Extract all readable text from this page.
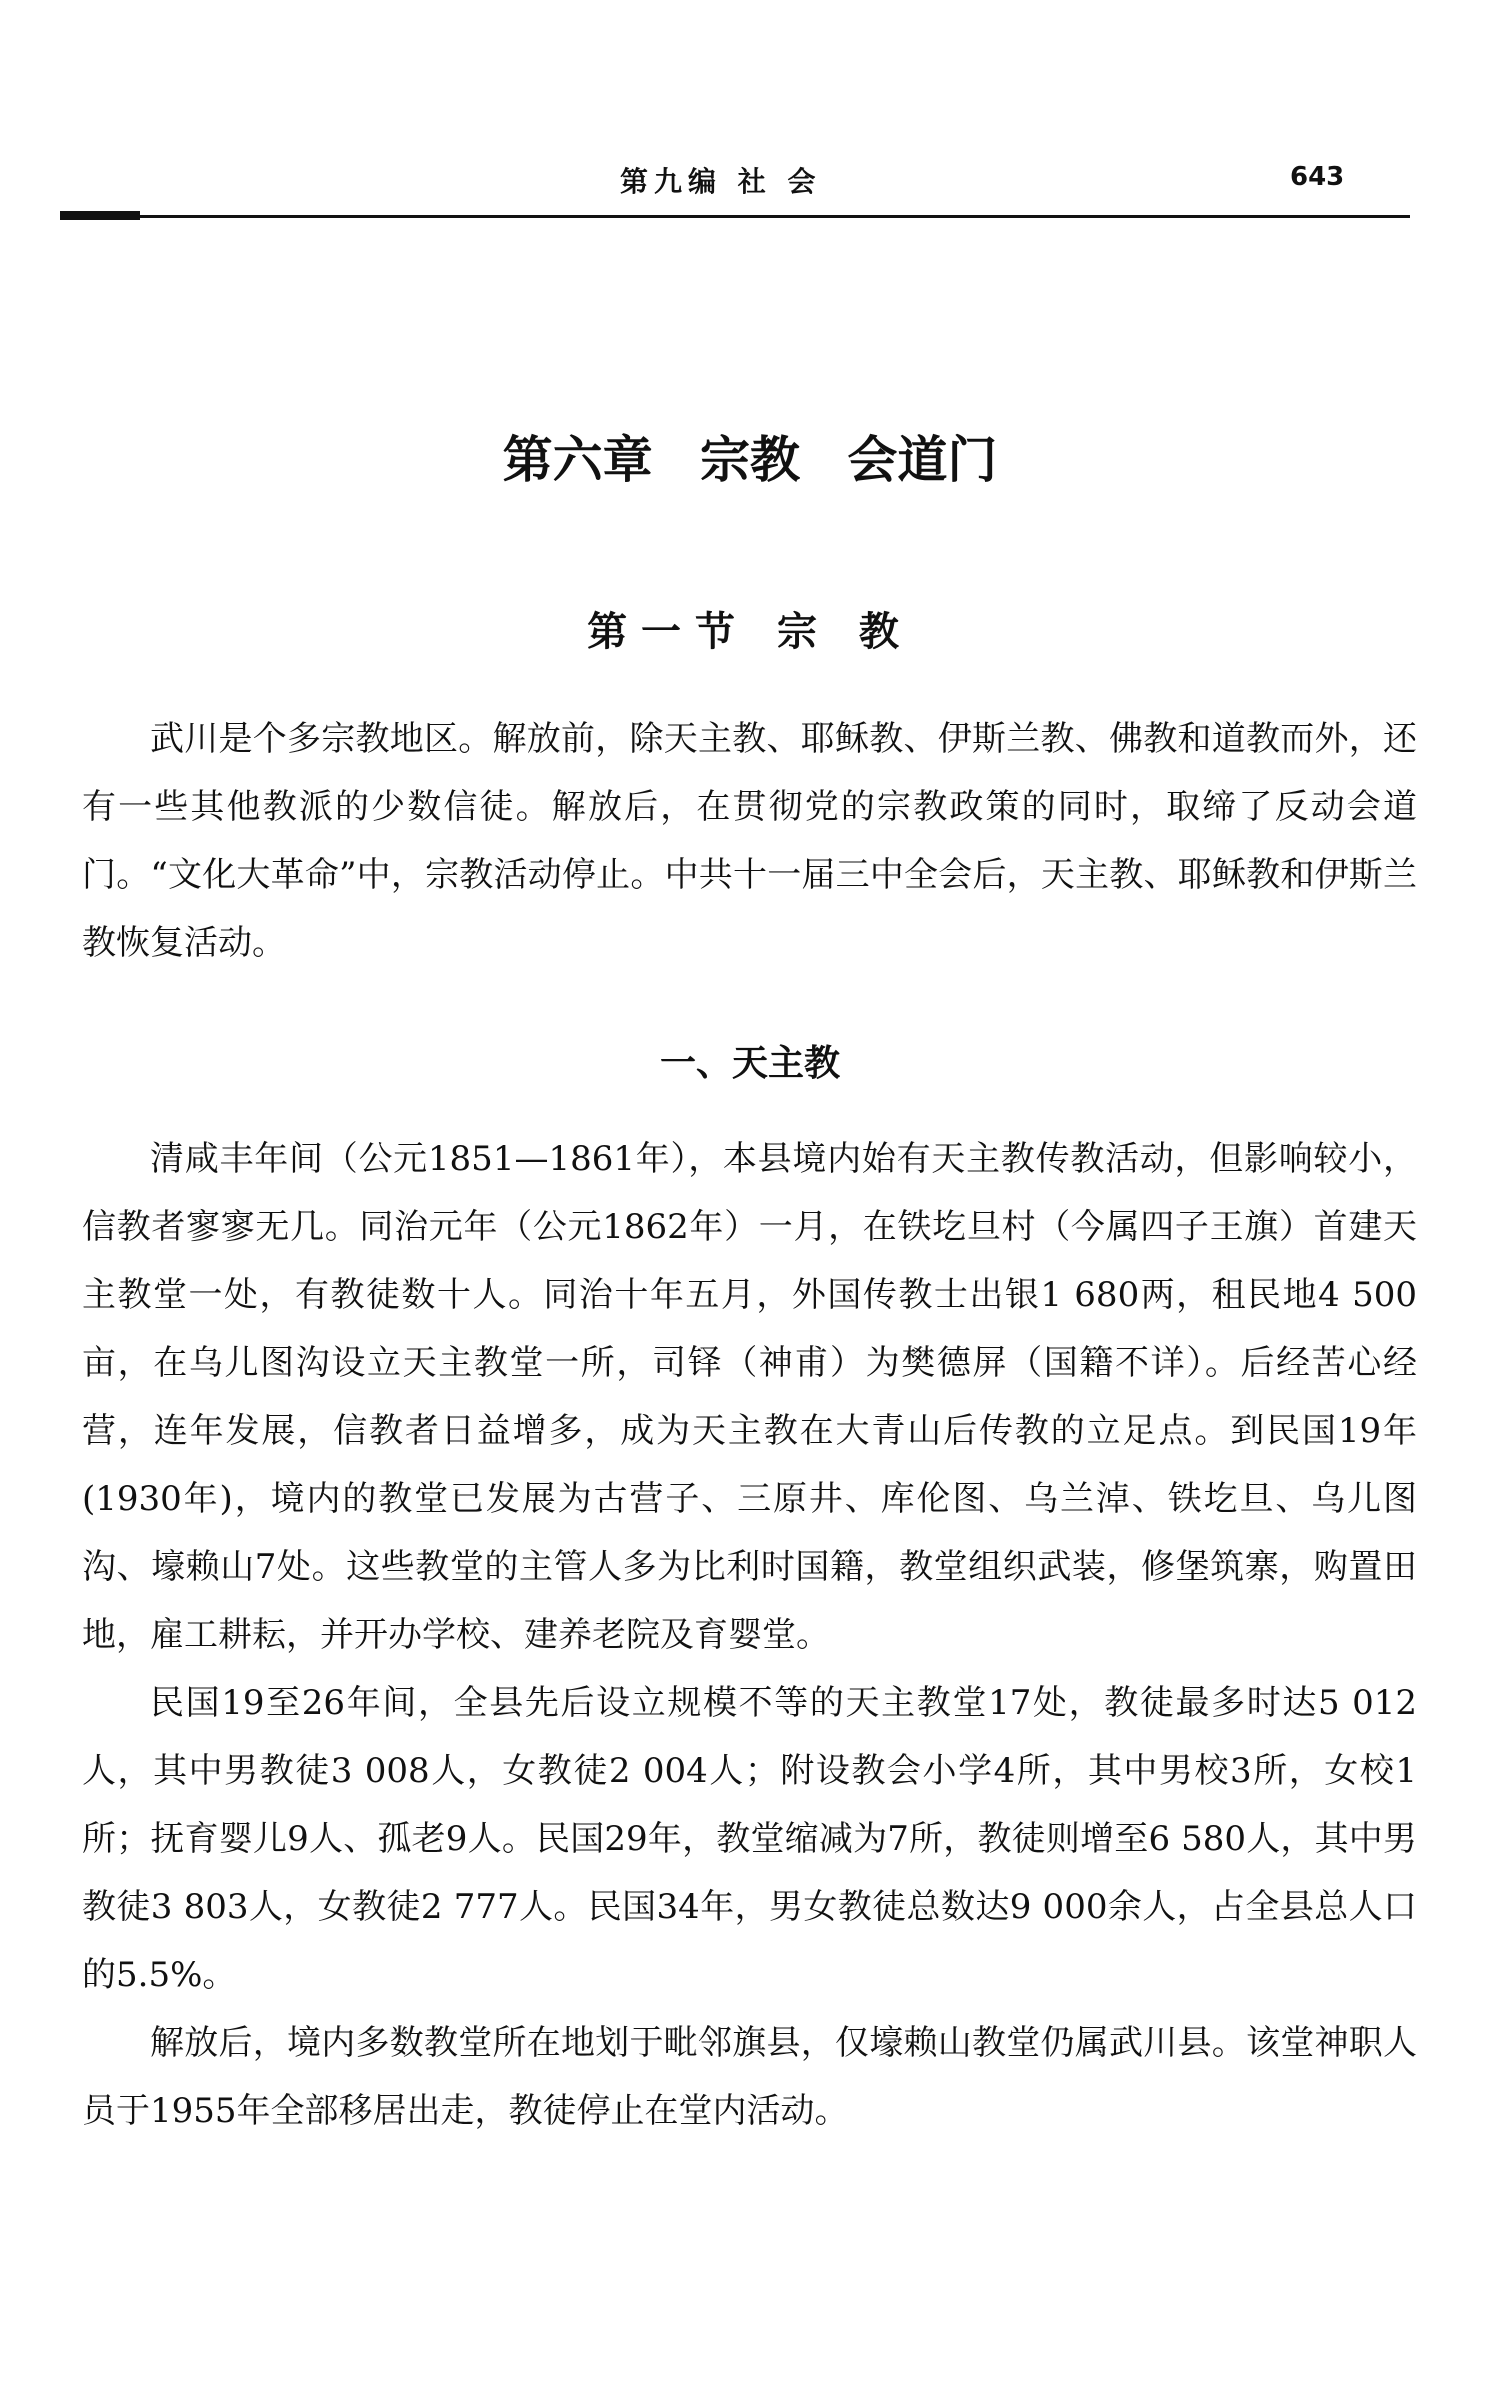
第九编 社 会	643
第六章 宗教 会道门
第一节 宗 教

武川是个多宗教地区。解放前，除天主教、耶稣教、伊斯兰教、佛教和道教而外，还有一些其他教派的少数信徒。解放后，在贯彻党的宗教政策的同时，取缔了反动会道门。“文化大革命”中，宗教活动停止。中共十一届三中全会后，天主教、耶稣教和伊斯兰教恢复活动。

一、天主教

清咸丰年间（公元1851—1861年），本县境内始有天主教传教活动，但影响较小，信教者寥寥无几。同治元年（公元1862年）一月，在铁圪旦村（今属四子王旗）首建天主教堂一处，有教徒数十人。同治十年五月，外国传教士出银1 680两，租民地4 500亩，在乌儿图沟设立天主教堂一所，司铎（神甫）为樊德屏（国籍不详）。后经苦心经营，连年发展，信教者日益增多，成为天主教在大青山后传教的立足点。到民国19年(1930年)，境内的教堂已发展为古营子、三原井、库伦图、乌兰淖、铁圪旦、乌儿图沟、壕赖山7处。这些教堂的主管人多为比利时国籍，教堂组织武装，修堡筑寨，购置田地，雇工耕耘，并开办学校、建养老院及育婴堂。

民国19至26年间，全县先后设立规模不等的天主教堂17处，教徒最多时达5 012人，其中男教徒3 008人，女教徒2 004人；附设教会小学4所，其中男校3所，女校1所；抚育婴儿9人、孤老9人。民国29年，教堂缩减为7所，教徒则增至6 580人，其中男教徒3 803人，女教徒2 777人。民国34年，男女教徒总数达9 000余人，占全县总人口的5.5%。

解放后，境内多数教堂所在地划于毗邻旗县，仅壕赖山教堂仍属武川县。该堂神职人员于1955年全部移居出走，教徒停止在堂内活动。
